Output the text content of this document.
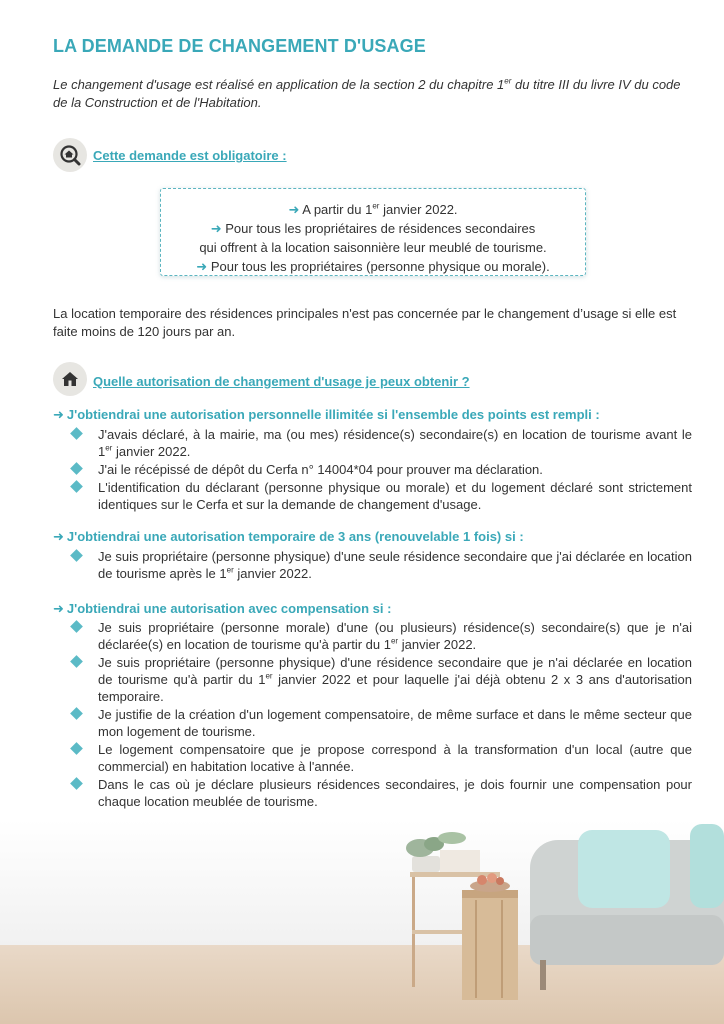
LA DEMANDE DE CHANGEMENT D'USAGE
Le changement d'usage est réalisé en application de la section 2 du chapitre 1er du titre III du livre IV du code de la Construction et de l'Habitation.
Cette demande est obligatoire :
➜ A partir du 1er janvier 2022.
➜ Pour tous les propriétaires de résidences secondaires
qui offrent à la location saisonnière leur meublé de tourisme.
➜ Pour tous les propriétaires (personne physique ou morale).
La location temporaire des résidences principales n'est pas concernée par le changement d’usage si elle est faite moins de 120 jours par an.
Quelle autorisation de changement d'usage je peux obtenir ?
➜ J'obtiendrai une autorisation personnelle illimitée si l'ensemble des points est rempli :
J'avais déclaré, à la mairie, ma (ou mes) résidence(s) secondaire(s) en location de tourisme avant le 1er janvier 2022.
J'ai le récépissé de dépôt du Cerfa n° 14004*04 pour prouver ma déclaration.
L'identification du déclarant (personne physique ou morale) et du logement déclaré sont strictement identiques sur le Cerfa et sur la demande de changement d'usage.
➜ J'obtiendrai une autorisation temporaire de 3 ans (renouvelable 1 fois) si :
Je suis propriétaire (personne physique) d'une seule résidence secondaire que j'ai déclarée en location de tourisme après le 1er janvier 2022.
➜ J'obtiendrai une autorisation avec compensation si :
Je suis propriétaire (personne morale) d'une (ou plusieurs) résidence(s) secondaire(s) que je n'ai déclarée(s) en location de tourisme qu'à partir du 1er janvier 2022.
Je suis propriétaire (personne physique) d'une résidence secondaire que je n'ai déclarée en location de tourisme qu'à partir du 1er janvier 2022 et pour laquelle j'ai déjà obtenu 2 x 3 ans d'autorisation temporaire.
Je justifie de la création d'un logement compensatoire, de même surface et dans le même secteur que mon logement de tourisme.
Le logement compensatoire que je propose correspond à la transformation d'un local (autre que commercial) en habitation locative à l'année.
Dans le cas où je déclare plusieurs résidences secondaires, je dois fournir une compensation pour chaque location meublée de tourisme.
